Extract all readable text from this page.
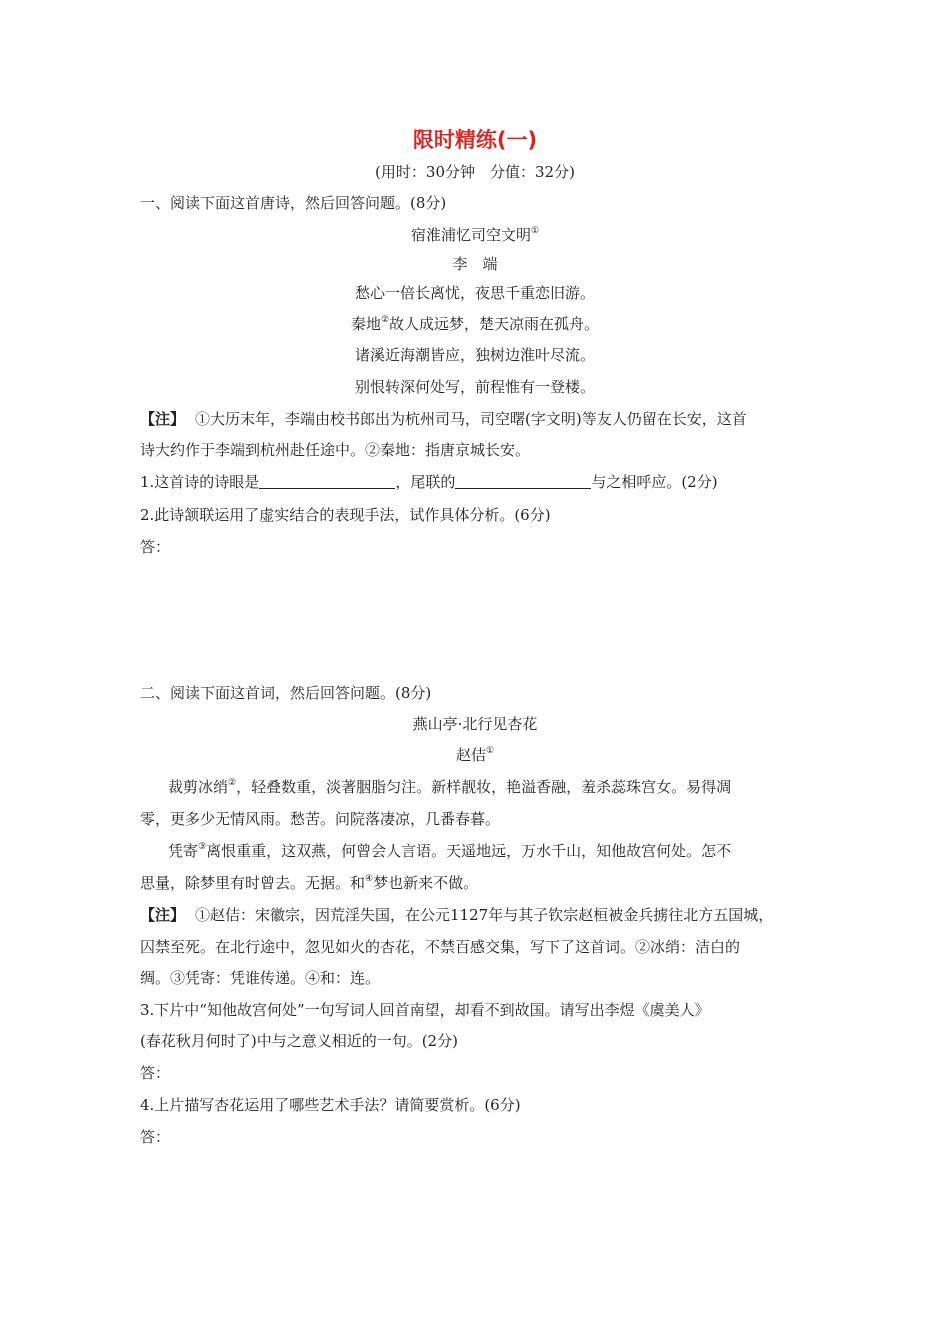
限时精练(一)
(用时：30分钟　分值：32分)
一、阅读下面这首唐诗，然后回答问题。(8分)
宿淮浦忆司空文明①
李　端
愁心一倍长离忧，夜思千重恋旧游。
秦地②故人成远梦，楚天凉雨在孤舟。
诸溪近海潮皆应，独树边淮叶尽流。
别恨转深何处写，前程惟有一登楼。
【注】 ①大历末年，李端由校书郎出为杭州司马，司空曙(字文明)等友人仍留在长安，这首
诗大约作于李端到杭州赴任途中。②秦地：指唐京城长安。
1.这首诗的诗眼是	，尾联的	与之相呼应。(2分)
2.此诗颔联运用了虚实结合的表现手法，试作具体分析。(6分)
答：
二、阅读下面这首词，然后回答问题。(8分)
燕山亭·北行见杏花
赵佶①
裁剪冰绡②，轻叠数重，淡著胭脂匀注。新样靓妆，艳溢香融，羞杀蕊珠宫女。易得凋
零，更多少无情风雨。愁苦。问院落凄凉，几番春暮。
凭寄③离恨重重，这双燕，何曾会人言语。天遥地远，万水千山，知他故宫何处。怎不
思量，除梦里有时曾去。无据。和④梦也新来不做。
【注】 ①赵佶：宋徽宗，因荒淫失国，在公元1127年与其子钦宗赵桓被金兵掳往北方五国城，
囚禁至死。在北行途中，忽见如火的杏花，不禁百感交集，写下了这首词。②冰绡：洁白的
绸。③凭寄：凭谁传递。④和：连。
3.下片中“知他故宫何处”一句写词人回首南望，却看不到故国。请写出李煜《虞美人》
(春花秋月何时了)中与之意义相近的一句。(2分)
答：
4.上片描写杏花运用了哪些艺术手法？请简要赏析。(6分)
答：
